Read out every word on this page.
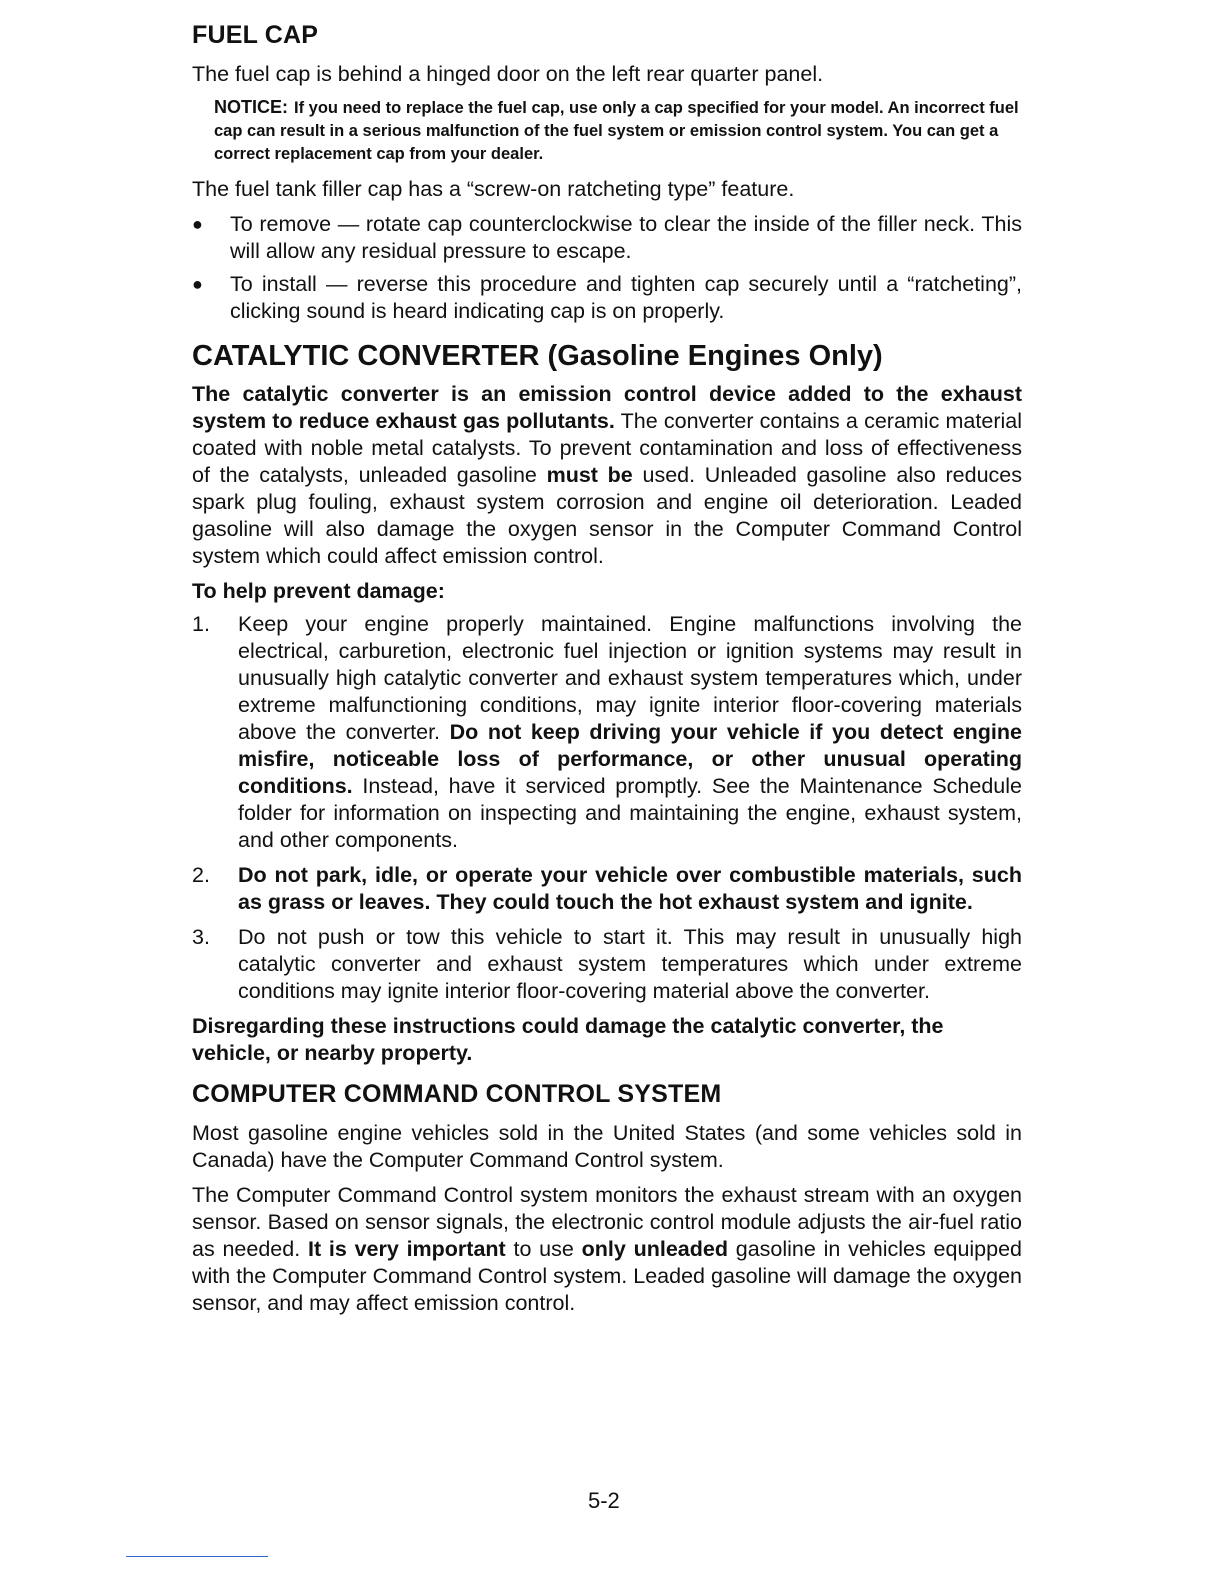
FUEL CAP

The fuel cap is behind a hinged door on the left rear quarter panel.

NOTICE: If you need to replace the fuel cap, use only a cap specified for your model. An incorrect fuel cap can result in a serious malfunction of the fuel system or emission control system. You can get a correct replacement cap from your dealer.

The fuel tank filler cap has a “screw-on ratcheting type” feature.

● To remove — rotate cap counterclockwise to clear the inside of the filler neck. This will allow any residual pressure to escape.
● To install — reverse this procedure and tighten cap securely until a “ratcheting”, clicking sound is heard indicating cap is on properly.
CATALYTIC CONVERTER (Gasoline Engines Only)

The catalytic converter is an emission control device added to the exhaust system to reduce exhaust gas pollutants. The converter contains a ceramic material coated with noble metal catalysts. To prevent contamination and loss of effectiveness of the catalysts, unleaded gasoline must be used. Unleaded gasoline also reduces spark plug fouling, exhaust system corrosion and engine oil deterioration. Leaded gasoline will also damage the oxygen sensor in the Computer Command Control system which could affect emission control.

To help prevent damage:

1. Keep your engine properly maintained. Engine malfunctions involving the electrical, carburetion, electronic fuel injection or ignition systems may result in unusually high catalytic converter and exhaust system temperatures which, under extreme malfunctioning conditions, may ignite interior floor-covering materials above the converter. Do not keep driving your vehicle if you detect engine misfire, noticeable loss of performance, or other unusual operating conditions. Instead, have it serviced promptly. See the Maintenance Schedule folder for information on inspecting and maintaining the engine, exhaust system, and other components.
2. Do not park, idle, or operate your vehicle over combustible materials, such as grass or leaves. They could touch the hot exhaust system and ignite.
3. Do not push or tow this vehicle to start it. This may result in unusually high catalytic converter and exhaust system temperatures which under extreme conditions may ignite interior floor-covering material above the converter.

Disregarding these instructions could damage the catalytic converter, the vehicle, or nearby property.

COMPUTER COMMAND CONTROL SYSTEM

Most gasoline engine vehicles sold in the United States (and some vehicles sold in Canada) have the Computer Command Control system.

The Computer Command Control system monitors the exhaust stream with an oxygen sensor. Based on sensor signals, the electronic control module adjusts the air-fuel ratio as needed. It is very important to use only unleaded gasoline in vehicles equipped with the Computer Command Control system. Leaded gasoline will damage the oxygen sensor, and may affect emission control.

5-2
